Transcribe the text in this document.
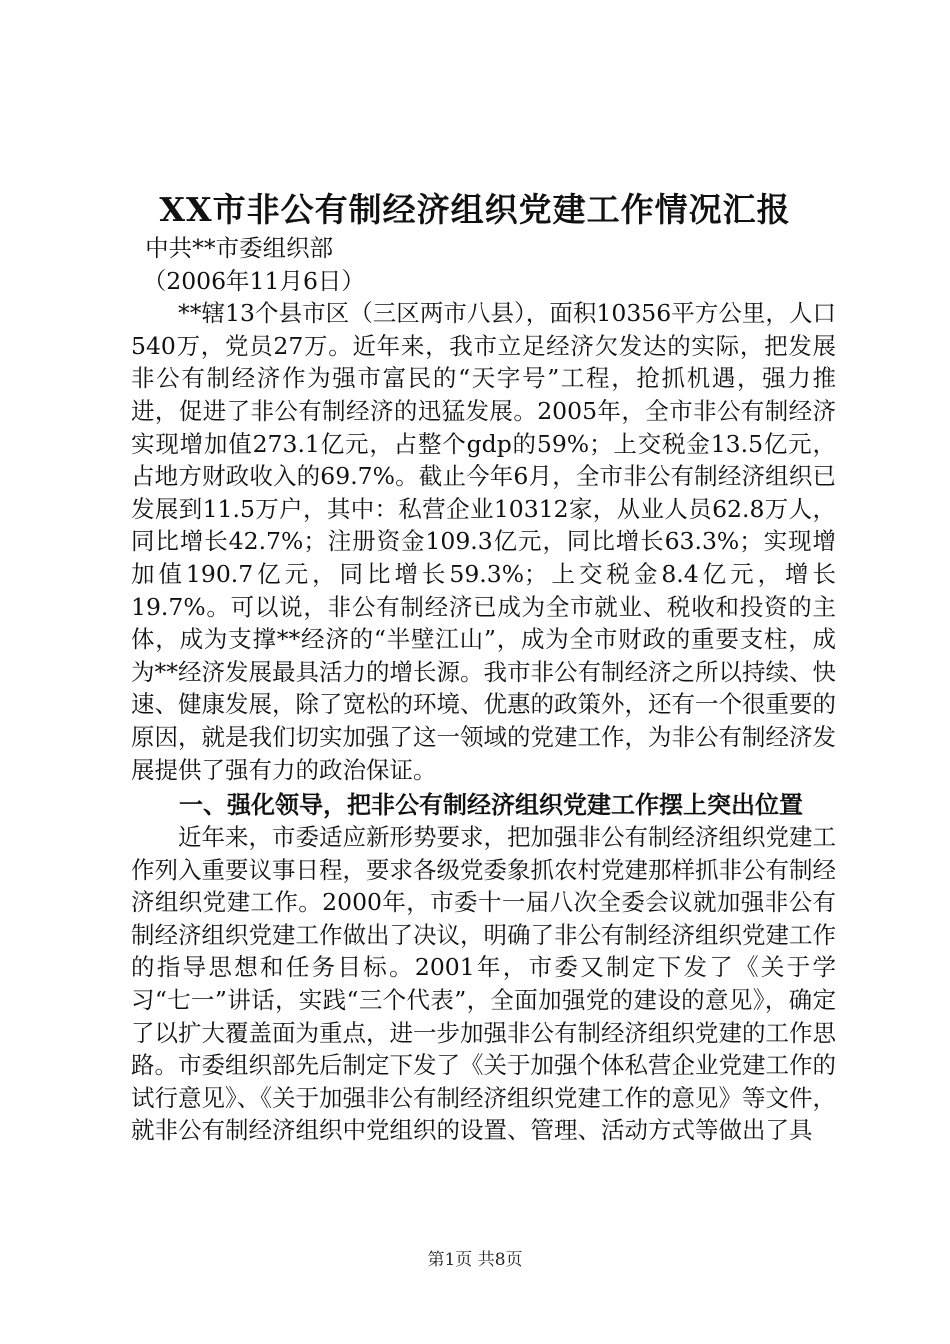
XX市非公有制经济组织党建工作情况汇报

中共**市委组织部

（2006年11月6日）

**辖13个县市区（三区两市八县），面积10356平方公里，人口540万，党员27万。近年来，我市立足经济欠发达的实际，把发展非公有制经济作为强市富民的“天字号”工程，抢抓机遇，强力推进，促进了非公有制经济的迅猛发展。2005年，全市非公有制经济实现增加值273.1亿元，占整个gdp的59%；上交税金13.5亿元，占地方财政收入的69.7%。截止今年6月，全市非公有制经济组织已发展到11.5万户，其中：私营企业10312家，从业人员62.8万人，同比增长42.7%；注册资金109.3亿元，同比增长63.3%；实现增加值190.7亿元，同比增长59.3%；上交税金8.4亿元，增长19.7%。可以说，非公有制经济已成为全市就业、税收和投资的主体，成为支撑**经济的“半壁江山”，成为全市财政的重要支柱，成为**经济发展最具活力的增长源。我市非公有制经济之所以持续、快速、健康发展，除了宽松的环境、优惠的政策外，还有一个很重要的原因，就是我们切实加强了这一领域的党建工作，为非公有制经济发展提供了强有力的政治保证。

一、强化领导，把非公有制经济组织党建工作摆上突出位置

近年来，市委适应新形势要求，把加强非公有制经济组织党建工作列入重要议事日程，要求各级党委象抓农村党建那样抓非公有制经济组织党建工作。2000年，市委十一届八次全委会议就加强非公有制经济组织党建工作做出了决议，明确了非公有制经济组织党建工作的指导思想和任务目标。2001年，市委又制定下发了《关于学习“七一”讲话，实践“三个代表”，全面加强党的建设的意见》，确定了以扩大覆盖面为重点，进一步加强非公有制经济组织党建的工作思路。市委组织部先后制定下发了《关于加强个体私营企业党建工作的试行意见》、《关于加强非公有制经济组织党建工作的意见》等文件，就非公有制经济组织中党组织的设置、管理、活动方式等做出了具

第1页 共8页
